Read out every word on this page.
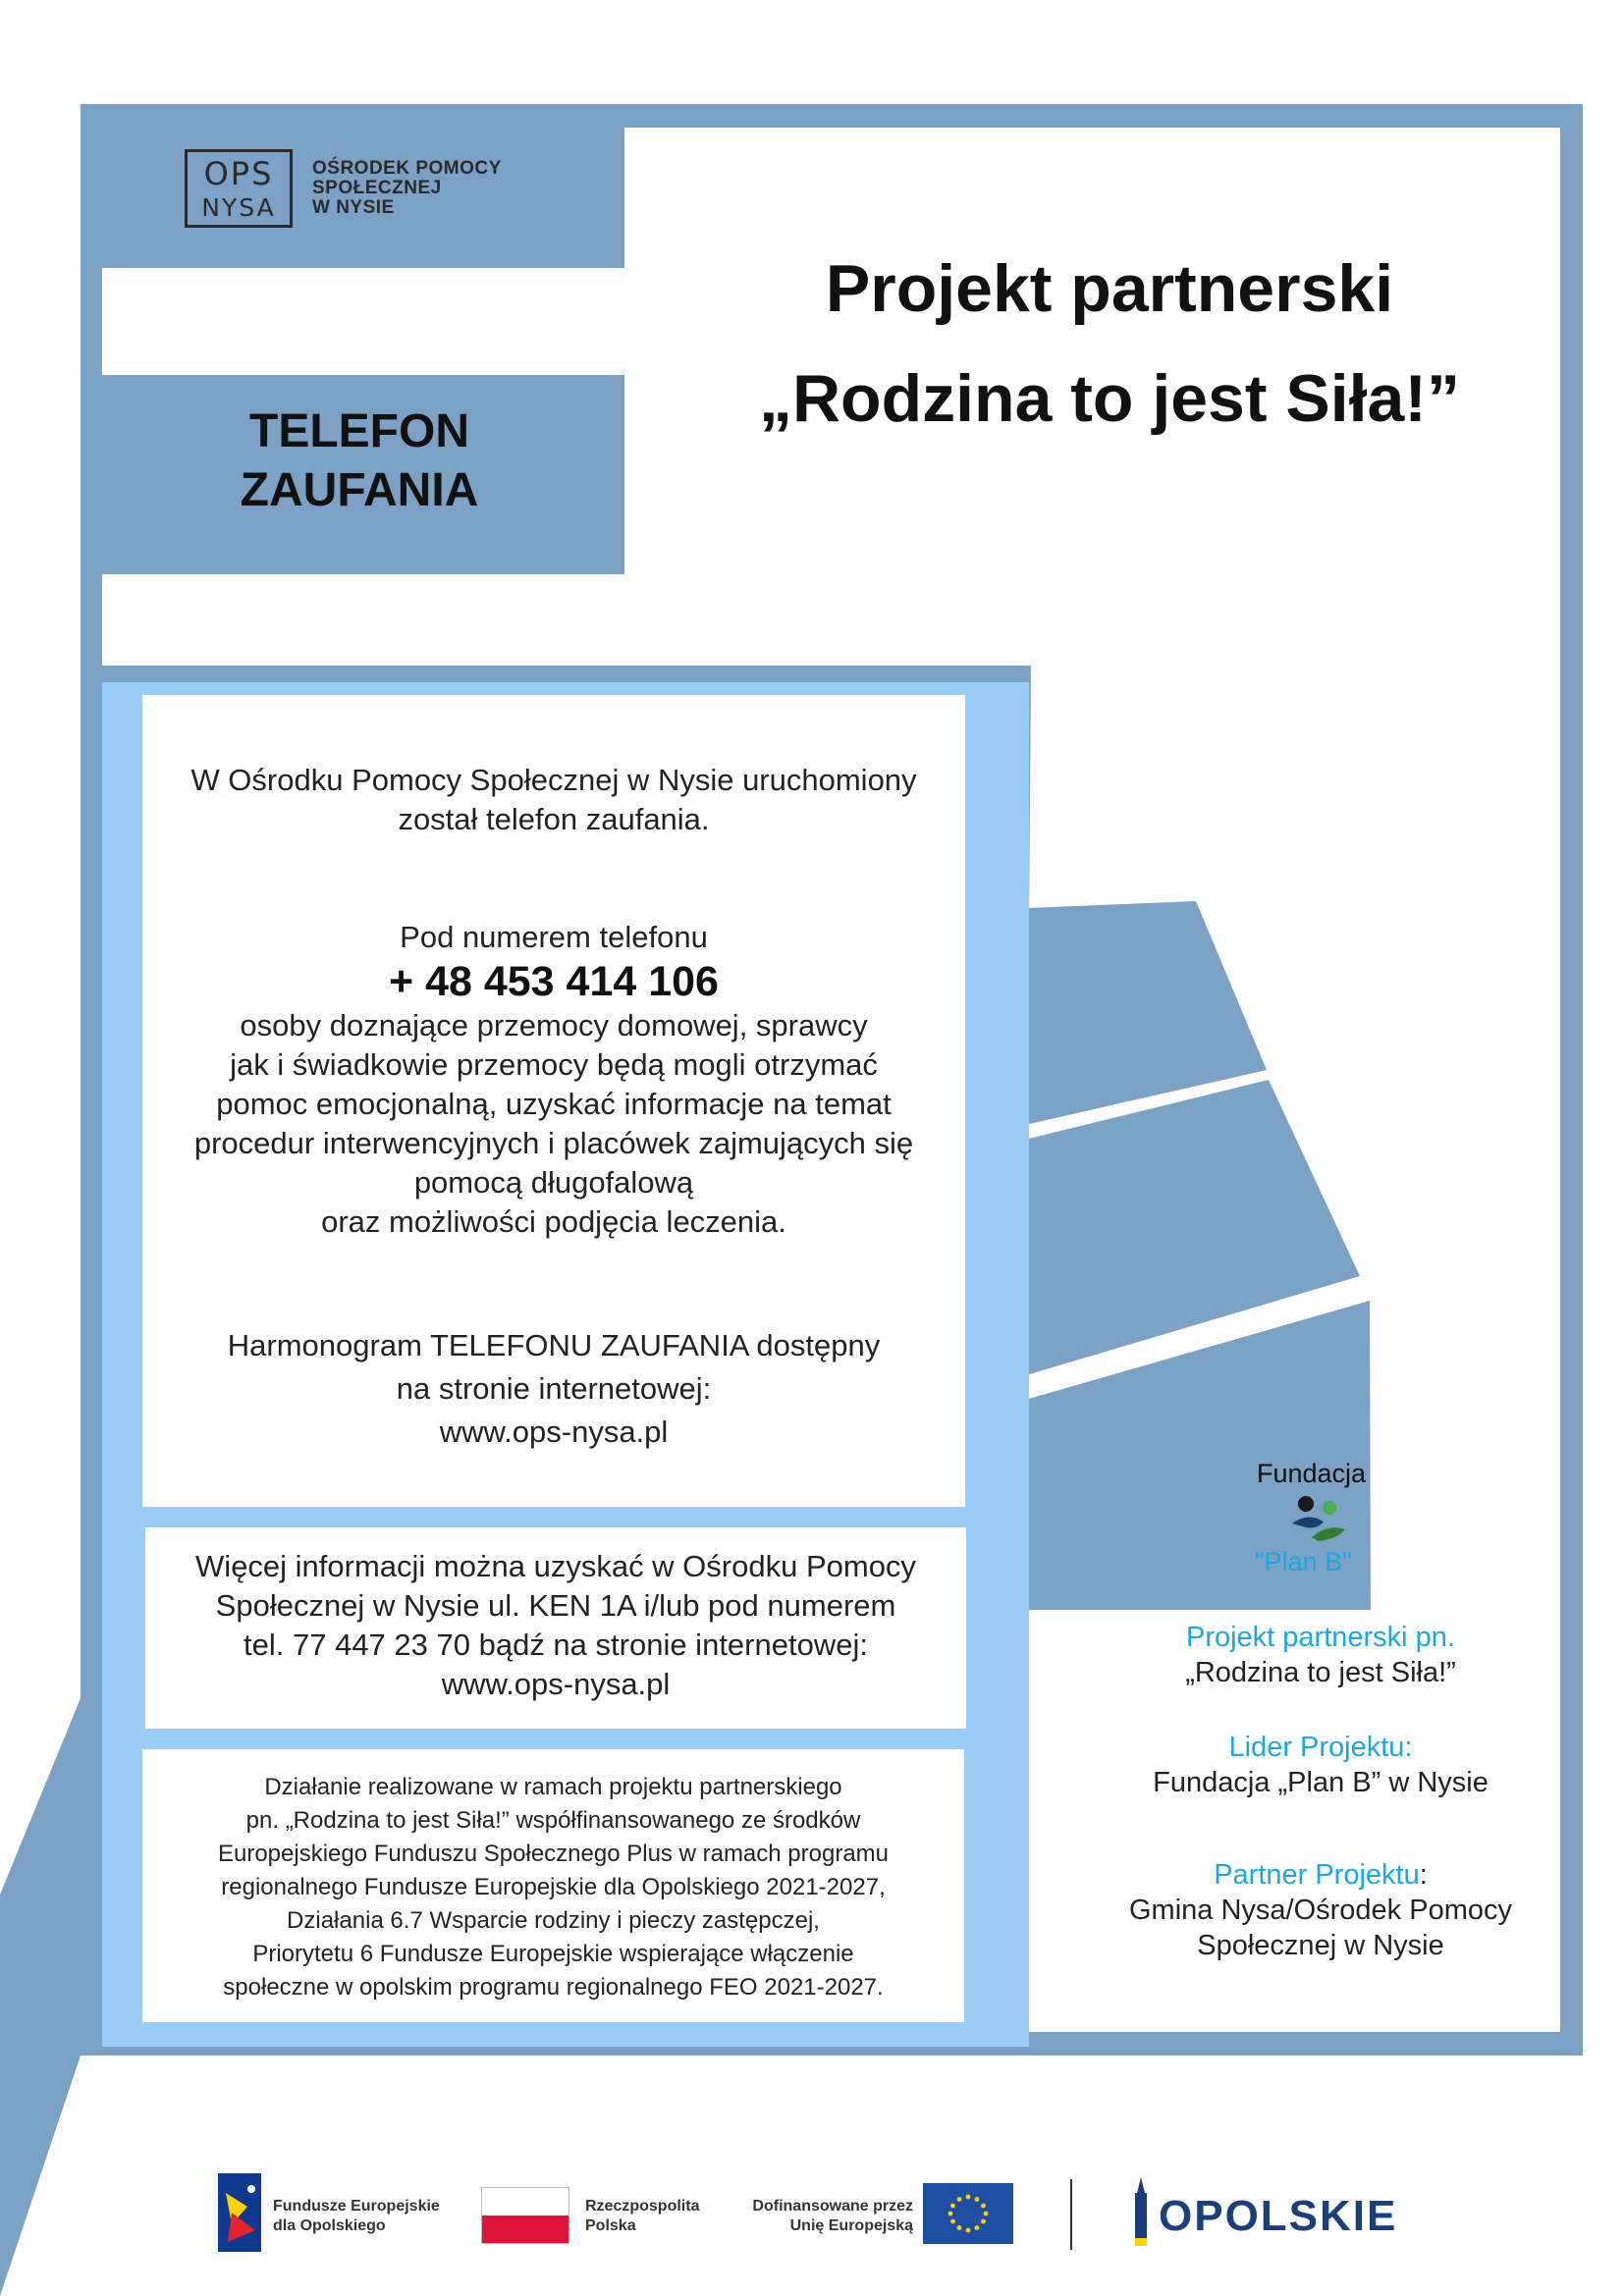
OPS
NYSA
OŚRODEK POMOCY
SPOŁECZNEJ
W NYSIE
Projekt partnerski
„Rodzina to jest Siła!”
TELEFON
ZAUFANIA
W Ośrodku Pomocy Społecznej w Nysie uruchomiony
został telefon zaufania.
Pod numerem telefonu
+ 48 453 414 106
osoby doznające przemocy domowej, sprawcy
jak i świadkowie przemocy będą mogli otrzymać
pomoc emocjonalną, uzyskać informacje na temat
procedur interwencyjnych i placówek zajmujących się
pomocą długofalową
oraz możliwości podjęcia leczenia.
Harmonogram TELEFONU ZAUFANIA dostępny
na stronie internetowej:
www.ops-nysa.pl
Więcej informacji można uzyskać w Ośrodku Pomocy
Społecznej w Nysie ul. KEN 1A i/lub pod numerem
tel. 77 447 23 70 bądź na stronie internetowej:
www.ops-nysa.pl
Działanie realizowane w ramach projektu partnerskiego
pn. „Rodzina to jest Siła!” współfinansowanego ze środków
Europejskiego Funduszu Społecznego Plus w ramach programu
regionalnego Fundusze Europejskie dla Opolskiego 2021-2027,
Działania 6.7 Wsparcie rodziny i pieczy zastępczej,
Priorytetu 6 Fundusze Europejskie wspierające włączenie
społeczne w opolskim programu regionalnego FEO 2021-2027.
Fundacja
"Plan B"
Projekt partnerski pn.
„Rodzina to jest Siła!”
Lider Projektu:
Fundacja „Plan B” w Nysie
Partner Projektu:
Gmina Nysa/Ośrodek Pomocy
Społecznej w Nysie
Fundusze Europejskie
dla Opolskiego
Rzeczpospolita
Polska
Dofinansowane przez
Unię Europejską	OPOLSKIE
